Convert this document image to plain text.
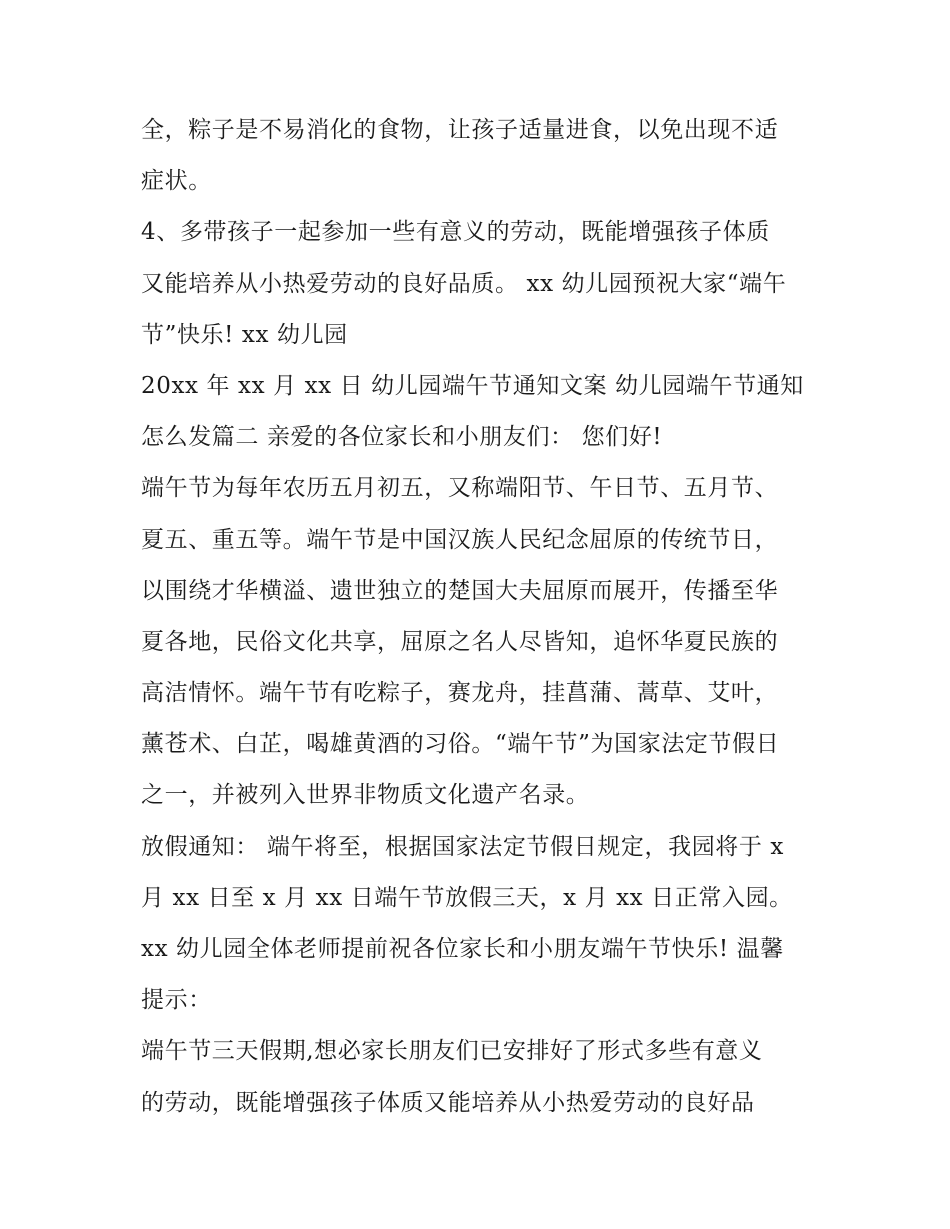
全，粽子是不易消化的食物，让孩子适量进食，以免出现不适
症状。
4、多带孩子一起参加一些有意义的劳动，既能增强孩子体质
又能培养从小热爱劳动的良好品质。 xx 幼儿园预祝大家“端午
节”快乐! xx 幼儿园
20xx 年 xx 月 xx 日 幼儿园端午节通知文案 幼儿园端午节通知
怎么发篇二 亲爱的各位家长和小朋友们： 您们好!
端午节为每年农历五月初五，又称端阳节、午日节、五月节、
夏五、重五等。端午节是中国汉族人民纪念屈原的传统节日，
以围绕才华横溢、遗世独立的楚国大夫屈原而展开，传播至华
夏各地，民俗文化共享，屈原之名人尽皆知，追怀华夏民族的
高洁情怀。端午节有吃粽子，赛龙舟，挂菖蒲、蒿草、艾叶，
薰苍术、白芷，喝雄黄酒的习俗。“端午节”为国家法定节假日
之一，并被列入世界非物质文化遗产名录。
放假通知： 端午将至，根据国家法定节假日规定，我园将于 x
月 xx 日至 x 月 xx 日端午节放假三天，x 月 xx 日正常入园。
xx 幼儿园全体老师提前祝各位家长和小朋友端午节快乐! 温馨
提示：
端午节三天假期,想必家长朋友们已安排好了形式多些有意义
的劳动，既能增强孩子体质又能培养从小热爱劳动的良好品
